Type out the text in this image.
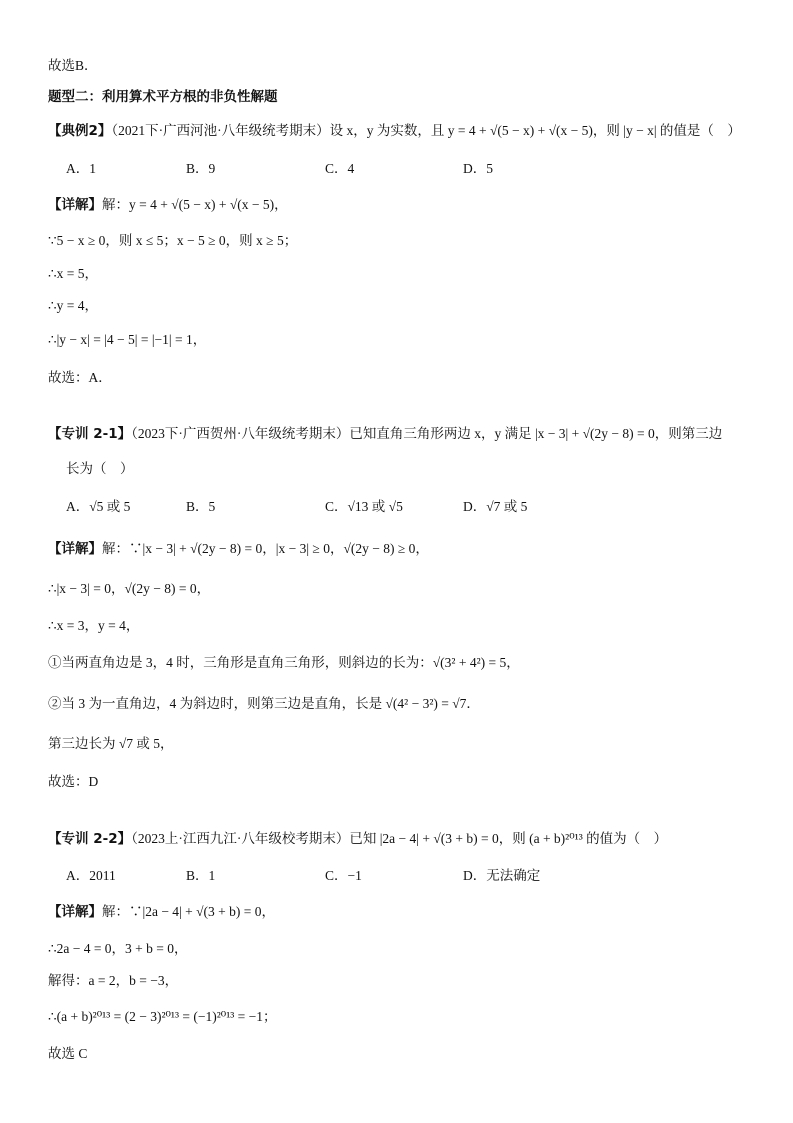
故选B．
题型二：利用算术平方根的非负性解题
【典例2】（2021下·广西河池·八年级统考期末）设 x，y 为实数，且 y = 4 + √(5 − x) + √(x − 5)，则 |y − x| 的值是（　）
A．1	B．9	C．4	D．5
【详解】解：y = 4 + √(5 − x) + √(x − 5)，
∵5 − x ≥ 0，则 x ≤ 5；x − 5 ≥ 0，则 x ≥ 5；
∴x = 5，
∴y = 4，
∴|y − x| = |4 − 5| = |−1| = 1，
故选：A．
【专训 2-1】（2023下·广西贺州·八年级统考期末）已知直角三角形两边 x，y 满足 |x − 3| + √(2y − 8) = 0，则第三边
长为（　）
A．√5 或 5	B．5	C．√13 或 √5	D．√7 或 5
【详解】解：∵|x − 3| + √(2y − 8) = 0，|x − 3| ≥ 0，√(2y − 8) ≥ 0，
∴|x − 3| = 0，√(2y − 8) = 0，
∴x = 3，y = 4，
①当两直角边是 3，4 时，三角形是直角三角形，则斜边的长为：√(3² + 4²) = 5，
②当 3 为一直角边，4 为斜边时，则第三边是直角，长是 √(4² − 3²) = √7．
第三边长为 √7 或 5，
故选：D
【专训 2-2】（2023上·江西九江·八年级校考期末）已知 |2a − 4| + √(3 + b) = 0，则 (a + b)²⁰¹³ 的值为（　）
A．2011	B．1	C．−1	D．无法确定
【详解】解：∵|2a − 4| + √(3 + b) = 0，
∴2a − 4 = 0，3 + b = 0，
解得：a = 2，b = −3，
∴(a + b)²⁰¹³ = (2 − 3)²⁰¹³ = (−1)²⁰¹³ = −1；
故选 C
